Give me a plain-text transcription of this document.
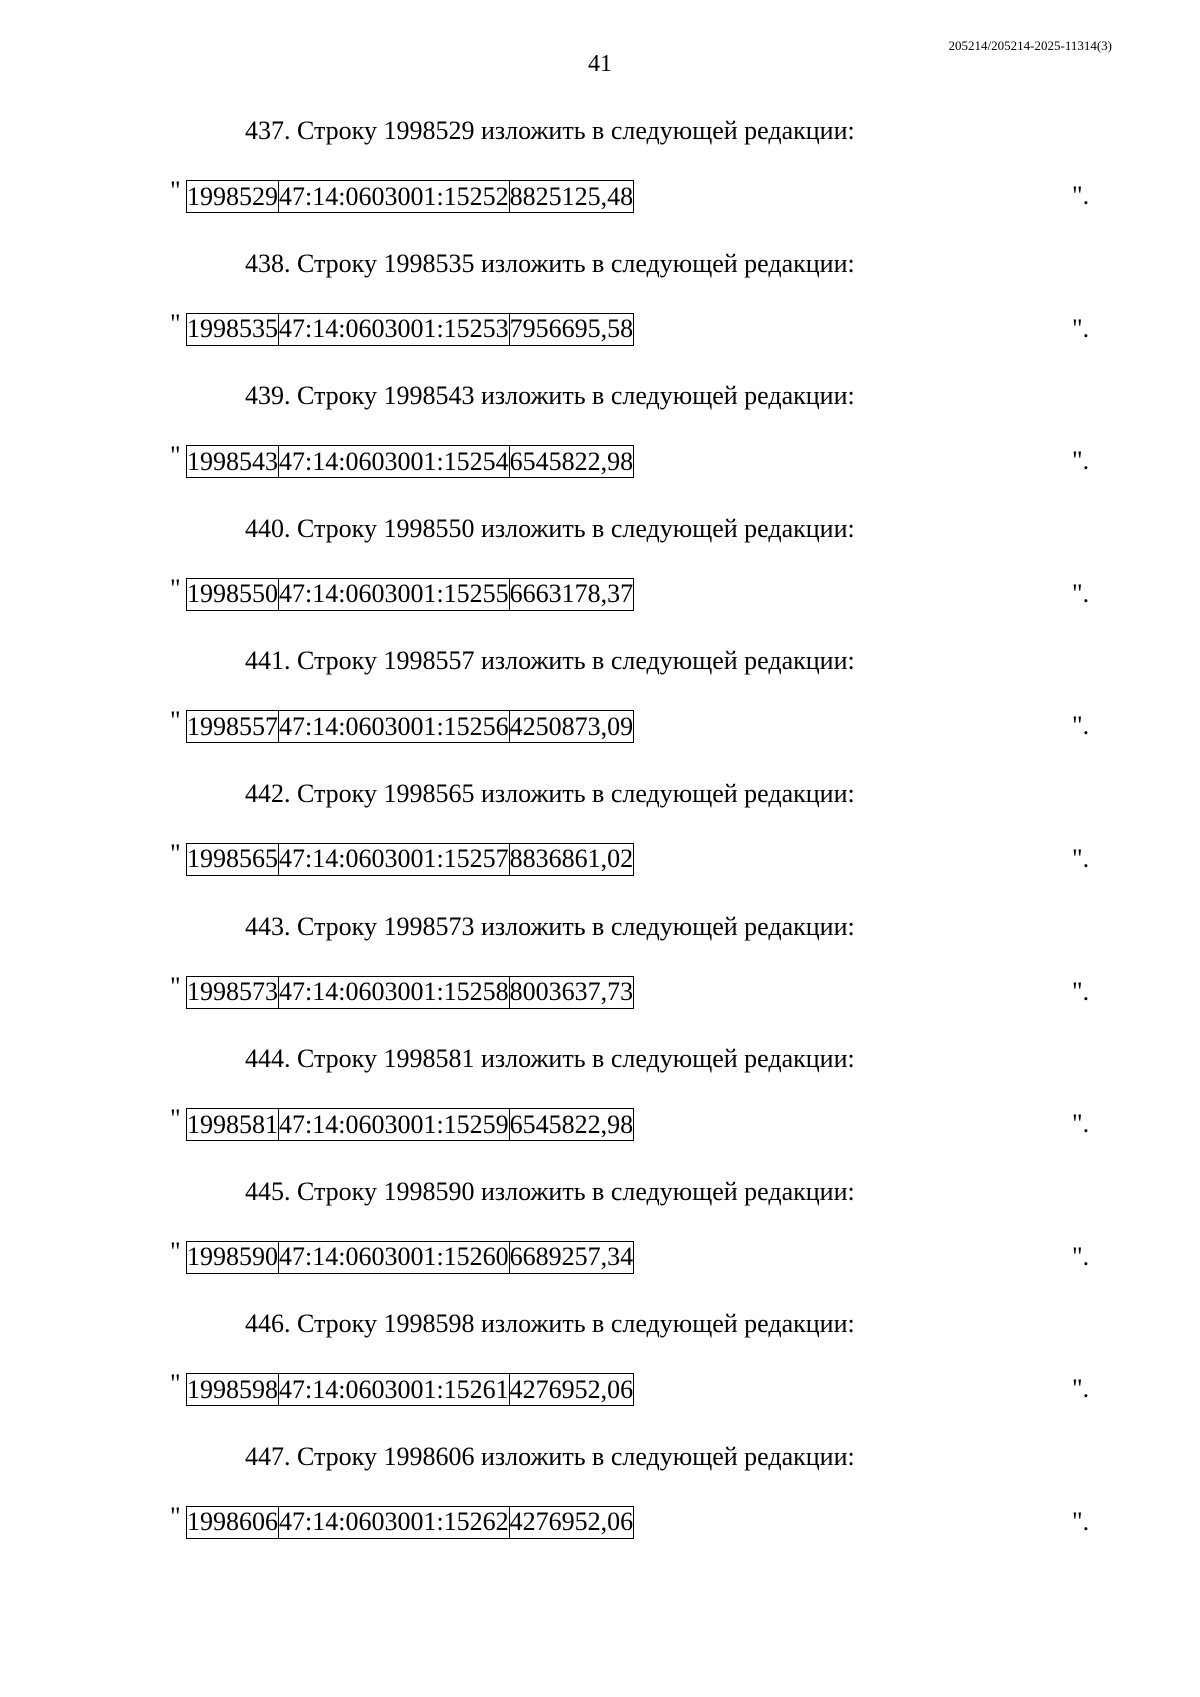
205214/205214-2025-11314(3)
41
437. Строку 1998529 изложить в следующей редакции:
" 1998529	47:14:0603001:15252	8825125,48	".
438. Строку 1998535 изложить в следующей редакции:
" 1998535	47:14:0603001:15253	7956695,58	".
439. Строку 1998543 изложить в следующей редакции:
" 1998543	47:14:0603001:15254	6545822,98	".
440. Строку 1998550 изложить в следующей редакции:
" 1998550	47:14:0603001:15255	6663178,37	".
441. Строку 1998557 изложить в следующей редакции:
" 1998557	47:14:0603001:15256	4250873,09	".
442. Строку 1998565 изложить в следующей редакции:
" 1998565	47:14:0603001:15257	8836861,02	".
443. Строку 1998573 изложить в следующей редакции:
" 1998573	47:14:0603001:15258	8003637,73	".
444. Строку 1998581 изложить в следующей редакции:
" 1998581	47:14:0603001:15259	6545822,98	".
445. Строку 1998590 изложить в следующей редакции:
" 1998590	47:14:0603001:15260	6689257,34	".
446. Строку 1998598 изложить в следующей редакции:
" 1998598	47:14:0603001:15261	4276952,06	".
447. Строку 1998606 изложить в следующей редакции:
" 1998606	47:14:0603001:15262	4276952,06	".
